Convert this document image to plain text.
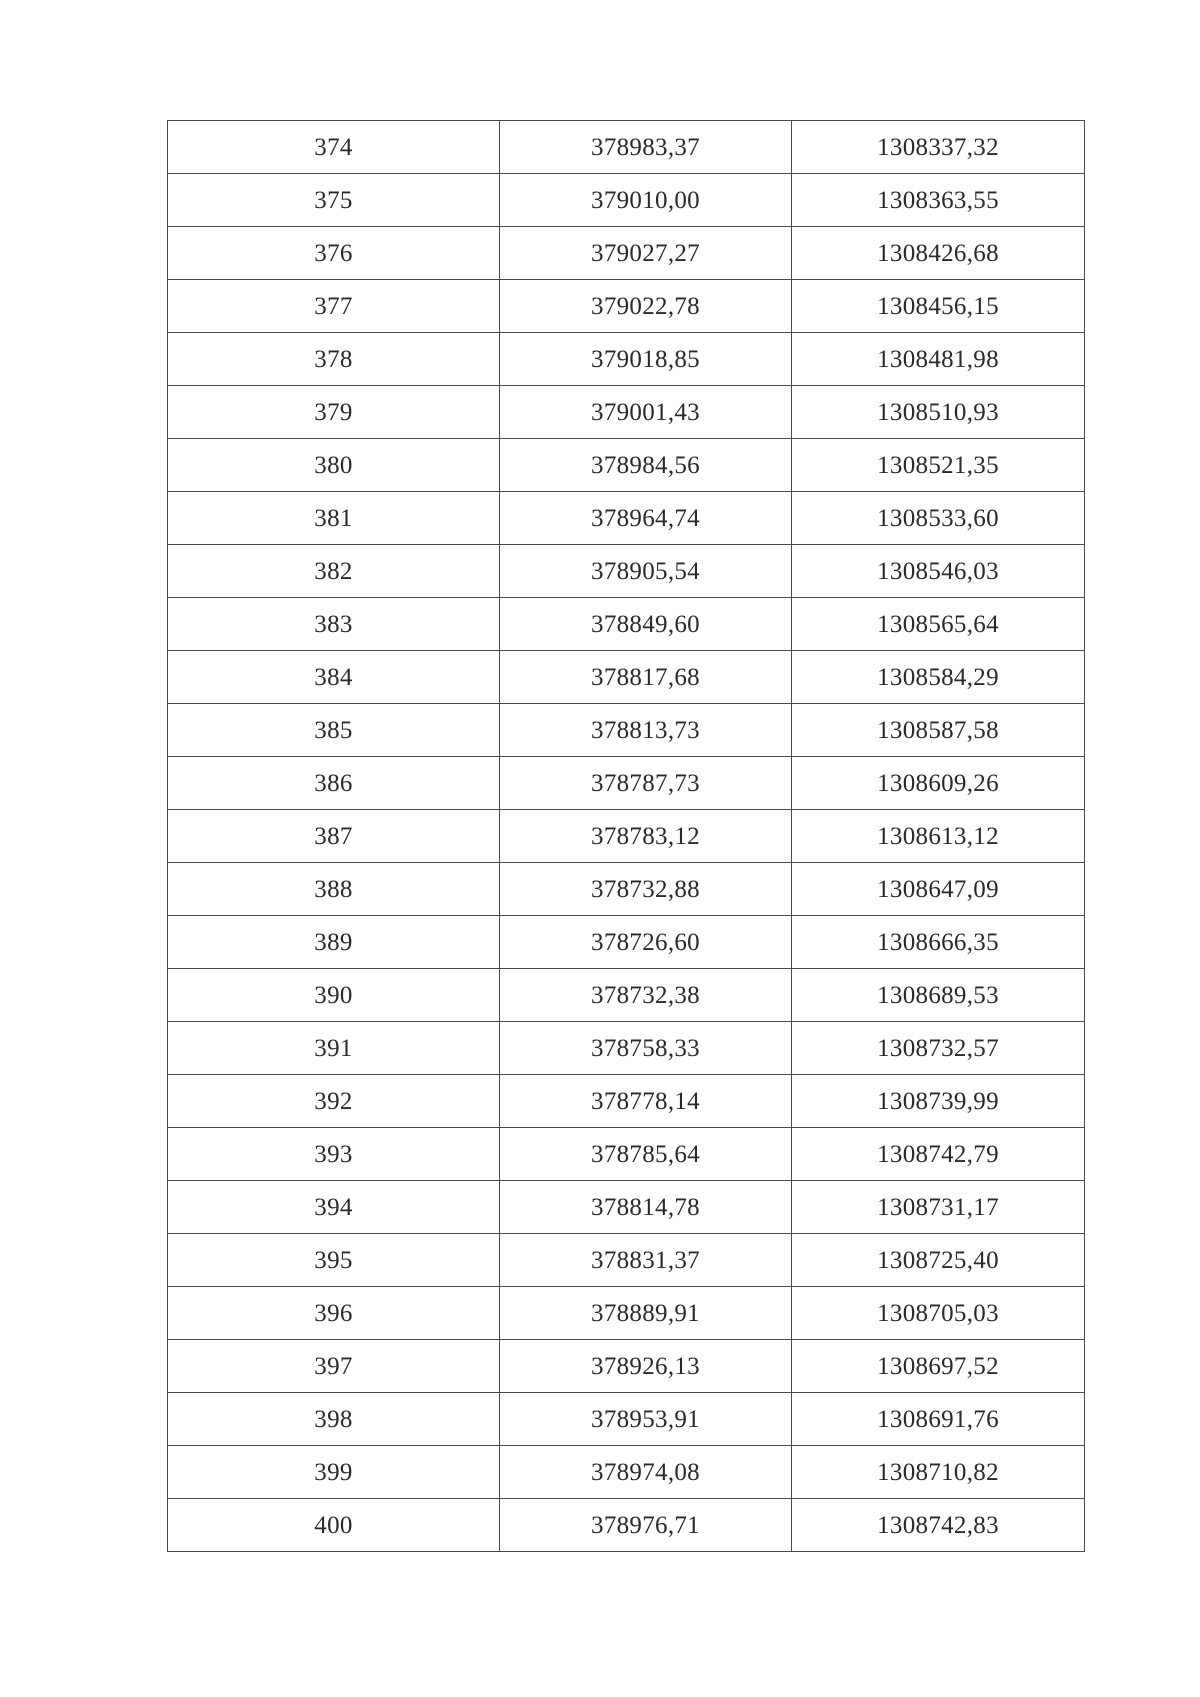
374	378983,37	1308337,32
375	379010,00	1308363,55
376	379027,27	1308426,68
377	379022,78	1308456,15
378	379018,85	1308481,98
379	379001,43	1308510,93
380	378984,56	1308521,35
381	378964,74	1308533,60
382	378905,54	1308546,03
383	378849,60	1308565,64
384	378817,68	1308584,29
385	378813,73	1308587,58
386	378787,73	1308609,26
387	378783,12	1308613,12
388	378732,88	1308647,09
389	378726,60	1308666,35
390	378732,38	1308689,53
391	378758,33	1308732,57
392	378778,14	1308739,99
393	378785,64	1308742,79
394	378814,78	1308731,17
395	378831,37	1308725,40
396	378889,91	1308705,03
397	378926,13	1308697,52
398	378953,91	1308691,76
399	378974,08	1308710,82
400	378976,71	1308742,83
